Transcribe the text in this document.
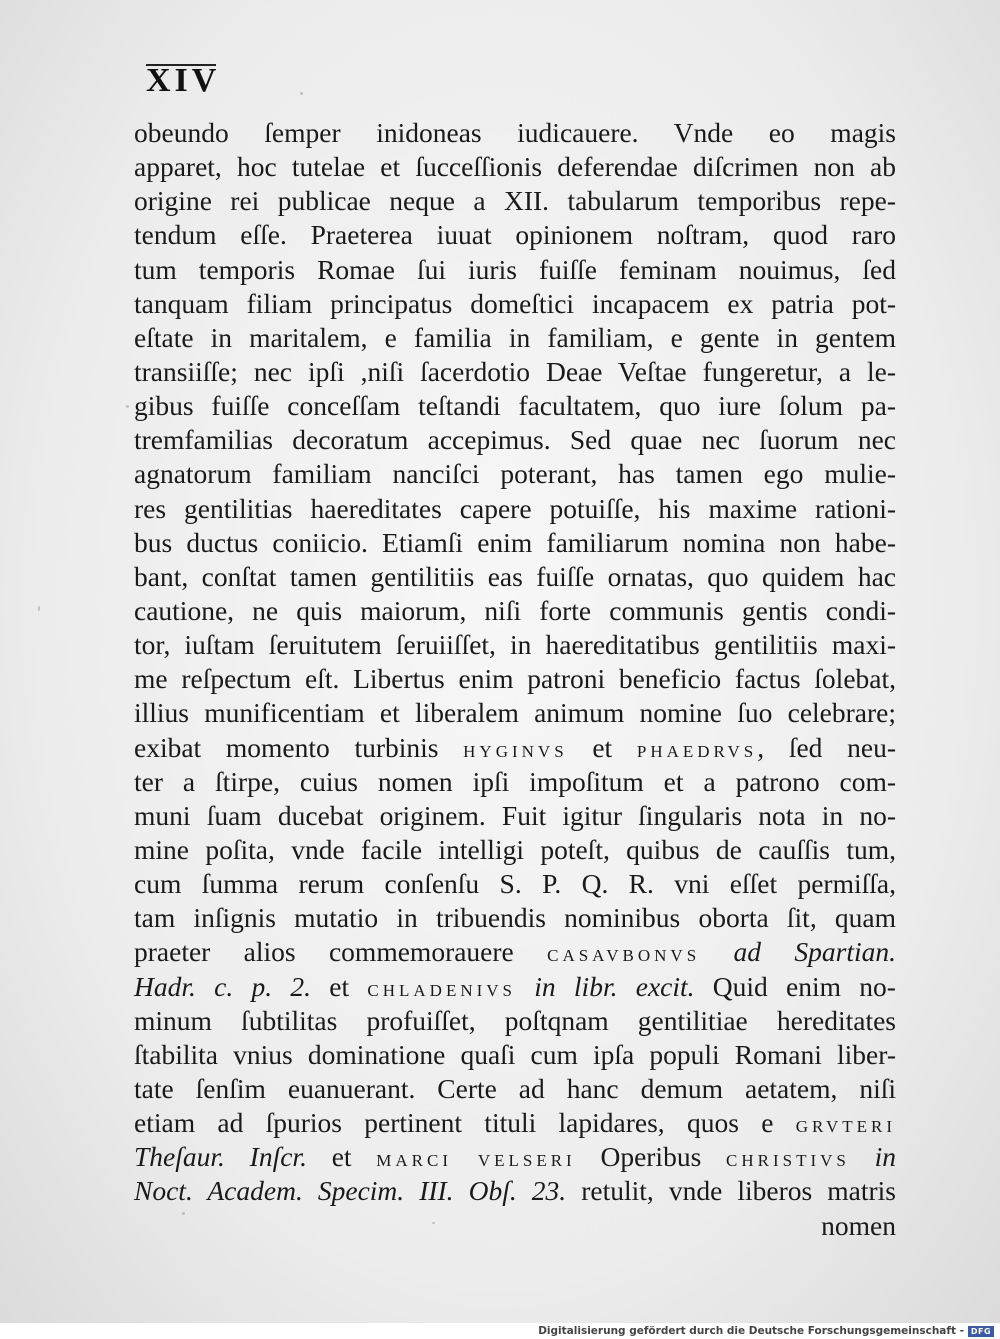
XIV
obeundo ſemper inidoneas iudicauere. Vnde eo magis
apparet, hoc tutelae et ſucceſſionis deferendae diſcrimen non ab
origine rei publicae neque a XII. tabularum temporibus repe-
tendum eſſe. Praeterea iuuat opinionem noſtram, quod raro
tum temporis Romae ſui iuris fuiſſe feminam nouimus, ſed
tanquam filiam principatus domeſtici incapacem ex patria pot-
eſtate in maritalem, e familia in familiam, e gente in gentem
transiiſſe; nec ipſi ,niſi ſacerdotio Deae Veſtae fungeretur, a le-
gibus fuiſſe conceſſam teſtandi facultatem, quo iure ſolum pa-
tremfamilias decoratum accepimus. Sed quae nec ſuorum nec
agnatorum familiam nanciſci poterant, has tamen ego mulie-
res gentilitias haereditates capere potuiſſe, his maxime rationi-
bus ductus coniicio. Etiamſi enim familiarum nomina non habe-
bant, conſtat tamen gentilitiis eas fuiſſe ornatas, quo quidem hac
cautione, ne quis maiorum, niſi forte communis gentis condi-
tor, iuſtam ſeruitutem ſeruiiſſet, in haereditatibus gentilitiis maxi-
me reſpectum eſt. Libertus enim patroni beneficio factus ſolebat,
illius munificentiam et liberalem animum nomine ſuo celebrare;
exibat momento turbinis HYGINVS et PHAEDRVS, ſed neu-
ter a ſtirpe, cuius nomen ipſi impoſitum et a patrono com-
muni ſuam ducebat originem. Fuit igitur ſingularis nota in no-
mine poſita, vnde facile intelligi poteſt, quibus de cauſſis tum,
cum ſumma rerum conſenſu S. P. Q. R. vni eſſet permiſſa,
tam inſignis mutatio in tribuendis nominibus oborta ſit, quam
praeter alios commemorauere CASAVBONVS ad Spartian.
Hadr. c. p. 2. et CHLADENIVS in libr. excit. Quid enim no-
minum ſubtilitas profuiſſet, poſtqnam gentilitiae hereditates
ſtabilita vnius dominatione quaſi cum ipſa populi Romani liber-
tate ſenſim euanuerant. Certe ad hanc demum aetatem, niſi
etiam ad ſpurios pertinent tituli lapidares, quos e GRVTERI
Theſaur. Inſcr. et MARCI VELSERI Operibus CHRISTIVS in
Noct. Academ. Specim. III. Obſ. 23. retulit, vnde liberos matris
nomen
Digitalisierung gefördert durch die Deutsche Forschungsgemeinschaft - DFG
